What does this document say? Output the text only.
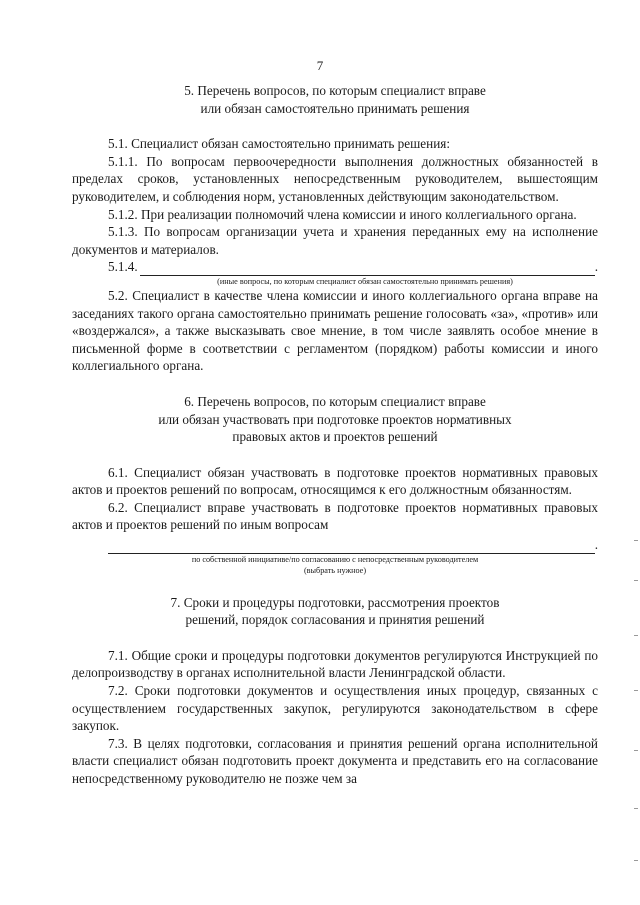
7

5. Перечень вопросов, по которым специалист вправе

или обязан самостоятельно принимать решения

5.1. Специалист обязан самостоятельно принимать решения:

5.1.1. По вопросам первоочередности выполнения должностных обязанностей в пределах сроков, установленных непосредственным руководителем, вышестоящим руководителем, и соблюдения норм, установленных действующим законодательством.

5.1.2. При реализации полномочий члена комиссии и иного коллегиального органа.

5.1.3. По вопросам организации учета и хранения переданных ему на исполнение документов и материалов.

5.1.4.	.

(иные вопросы, по которым специалист обязан самостоятельно принимать решения)

5.2. Специалист в качестве члена комиссии и иного коллегиального органа вправе на заседаниях такого органа самостоятельно принимать решение голосовать «за», «против» или «воздержался», а также высказывать свое мнение, в том числе заявлять особое мнение в письменной форме в соответствии с регламентом (порядком) работы комиссии и иного коллегиального органа.

6. Перечень вопросов, по которым специалист вправе

или обязан участвовать при подготовке проектов нормативных

правовых актов и проектов решений

6.1. Специалист обязан участвовать в подготовке проектов нормативных правовых актов и проектов решений по вопросам, относящимся к его должностным обязанностям.

6.2. Специалист вправе участвовать в подготовке проектов нормативных правовых актов и проектов решений по иным вопросам

.

по собственной инициативе/по согласованию с непосредственным руководителем

(выбрать нужное)

7. Сроки и процедуры подготовки, рассмотрения проектов

решений, порядок согласования и принятия решений

7.1. Общие сроки и процедуры подготовки документов регулируются Инструкцией по делопроизводству в органах исполнительной власти Ленинградской области.

7.2. Сроки подготовки документов и осуществления иных процедур, связанных с осуществлением государственных закупок, регулируются законодательством в сфере закупок.

7.3. В целях подготовки, согласования и принятия решений органа исполнительной власти специалист обязан подготовить проект документа и представить его на согласование непосредственному руководителю не позже чем за
